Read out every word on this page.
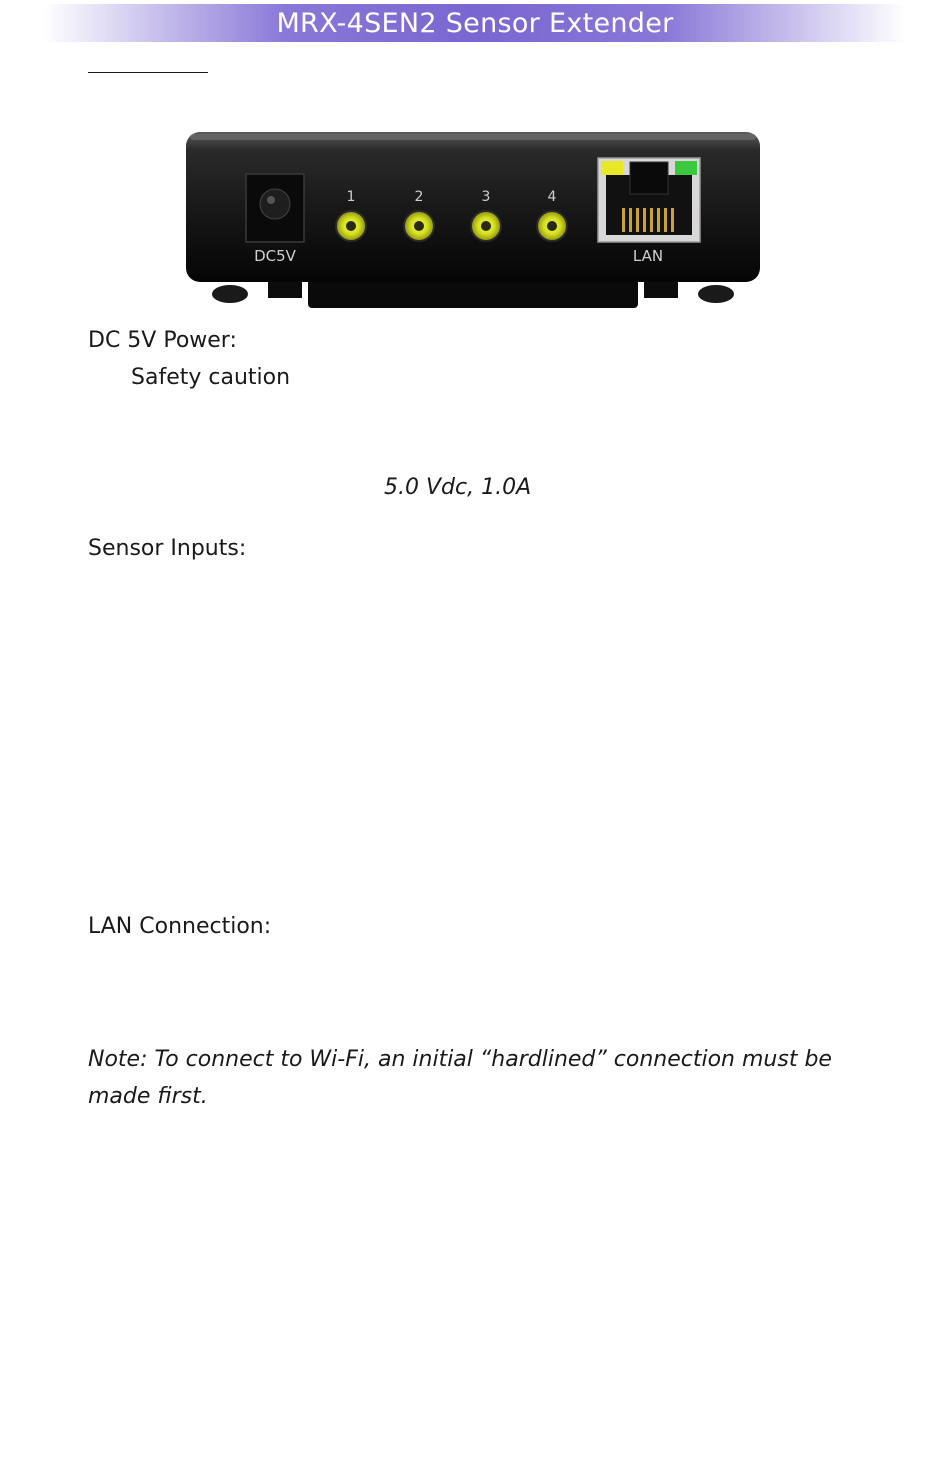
MRX-4SEN2 Sensor Extender
DC5V
1	2	3	4
LAN
DC 5V Power:
Safety caution
5.0 Vdc, 1.0A
Sensor Inputs:
LAN Connection:
Note: To connect to Wi-Fi, an initial “hardlined” connection must be
made first.
